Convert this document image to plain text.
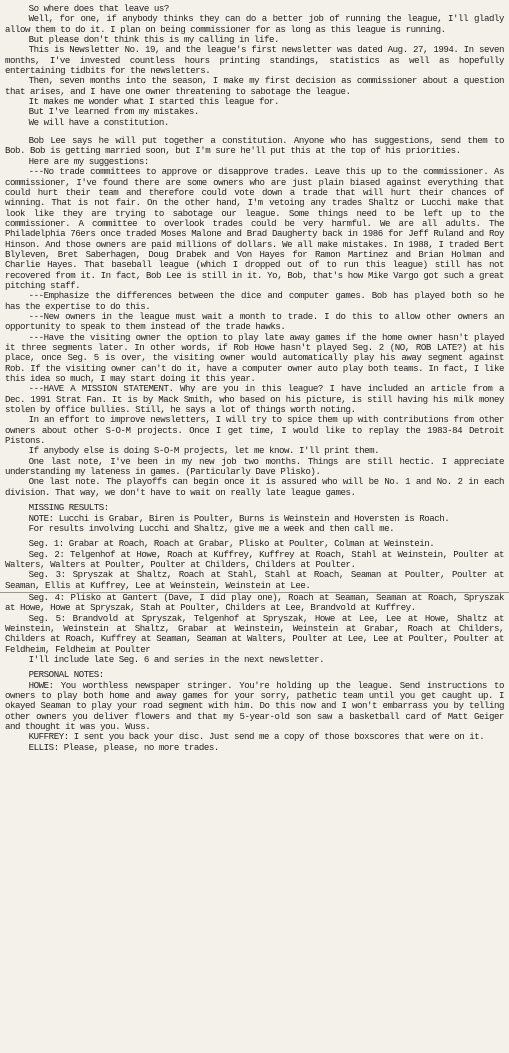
So where does that leave us?

Well, for one, if anybody thinks they can do a better job of running the league, I'll gladly allow them to do it. I plan on being commissioner for as long as this league is running.

But please don't think this is my calling in life.

This is Newsletter No. 19, and the league's first newsletter was dated Aug. 27, 1994. In seven months, I've invested countless hours printing standings, statistics as well as hopefully entertaining tidbits for the newsletters.

Then, seven months into the season, I make my first decision as commissioner about a question that arises, and I have one owner threatening to sabotage the league.

It makes me wonder what I started this league for.

But I've learned from my mistakes.

We will have a constitution.

Bob Lee says he will put together a constitution. Anyone who has suggestions, send them to Bob. Bob is getting married soon, but I'm sure he'll put this at the top of his priorities.

Here are my suggestions:

---No trade committees to approve or disapprove trades. Leave this up to the commissioner. As commissioner, I've found there are some owners who are just plain biased against everything that could hurt their team and therefore could vote down a trade that will hurt their chances of winning. That is not fair. On the other hand, I'm vetoing any trades Shaltz or Lucchi make that look like they are trying to sabotage our league. Some things need to be left up to the commissioner. A committee to overlook trades could be very harmful. We are all adults. The Philadelphia 76ers once traded Moses Malone and Brad Daugherty back in 1986 for Jeff Ruland and Roy Hinson. And those owners are paid millions of dollars. We all make mistakes. In 1988, I traded Bert Blyleven, Bret Saberhagen, Doug Drabek and Von Hayes for Ramon Martinez and Brian Holman and Charlie Hayes. That baseball league (which I dropped out of to run this league) still has not recovered from it. In fact, Bob Lee is still in it. Yo, Bob, that's how Mike Vargo got such a great pitching staff.

---Emphasize the differences between the dice and computer games. Bob has played both so he has the expertise to do this.

---New owners in the league must wait a month to trade. I do this to allow other owners an opportunity to speak to them instead of the trade hawks.

---Have the visiting owner the option to play late away games if the home owner hasn't played it three segments later. In other words, if Rob Howe hasn't played Seg. 2 (NO, ROB LATE?) at his place, once Seg. 5 is over, the visiting owner would automatically play his away segment against Rob. If the visiting owner can't do it, have a computer owner auto play both teams. In fact, I like this idea so much, I may start doing it this year.

---HAVE A MISSION STATEMENT. Why are you in this league? I have included an article from a Dec. 1991 Strat Fan. It is by Mack Smith, who based on his picture, is still having his milk money stolen by office bullies. Still, he says a lot of things worth noting.

In an effort to improve newsletters, I will try to spice them up with contributions from other owners about other S-O-M projects. Once I get time, I would like to replay the 1983-84 Detroit Pistons.

If anybody else is doing S-O-M projects, let me know. I'll print them.

One last note, I've been in my new job two months. Things are still hectic. I appreciate understanding my lateness in games. (Particularly Dave Plisko).

One last note. The playoffs can begin once it is assured who will be No. 1 and No. 2 in each division. That way, we don't have to wait on really late league games.

MISSING RESULTS:

NOTE: Lucchi is Grabar, Biren is Poulter, Burns is Weinstein and Hoversten is Roach.

For results involving Lucchi and Shaltz, give me a week and then call me.

Seg. 1: Grabar at Roach, Roach at Grabar, Plisko at Poulter, Colman at Weinstein.

Seg. 2: Telgenhof at Howe, Roach at Kuffrey, Kuffrey at Roach, Stahl at Weinstein, Poulter at Walters, Walters at Poulter, Poulter at Childers, Childers at Poulter.

Seg. 3: Spryszak at Shaltz, Roach at Stahl, Stahl at Roach, Seaman at Poulter, Poulter at Seaman, Ellis at Kuffrey, Lee at Weinstein, Weinstein at Lee.

Seg. 4: Plisko at Gantert (Dave, I did play one), Roach at Seaman, Seaman at Roach, Spryszak at Howe, Howe at Spryszak, Stah at Poulter, Childers at Lee, Brandvold at Kuffrey.

Seg. 5: Brandvold at Spryszak, Telgenhof at Spryszak, Howe at Lee, Lee at Howe, Shaltz at Weinstein, Weinstein at Shaltz, Grabar at Weinstein, Weinstein at Grabar, Roach at Childers, Childers at Roach, Kuffrey at Seaman, Seaman at Walters, Poulter at Lee, Lee at Poulter, Poulter at Feldheim, Feldheim at Poulter

I'll include late Seg. 6 and series in the next newsletter.

PERSONAL NOTES:

HOWE: You worthless newspaper stringer. You're holding up the league. Send instructions to owners to play both home and away games for your sorry, pathetic team until you get caught up. I okayed Seaman to play your road segment with him. Do this now and I won't embarrass you by telling other owners you deliver flowers and that my 5-year-old son saw a basketball card of Matt Geiger and thought it was you. Wuss.

KUFFREY: I sent you back your disc. Just send me a copy of those boxscores that were on it.

ELLIS: Please, please, no more trades.
